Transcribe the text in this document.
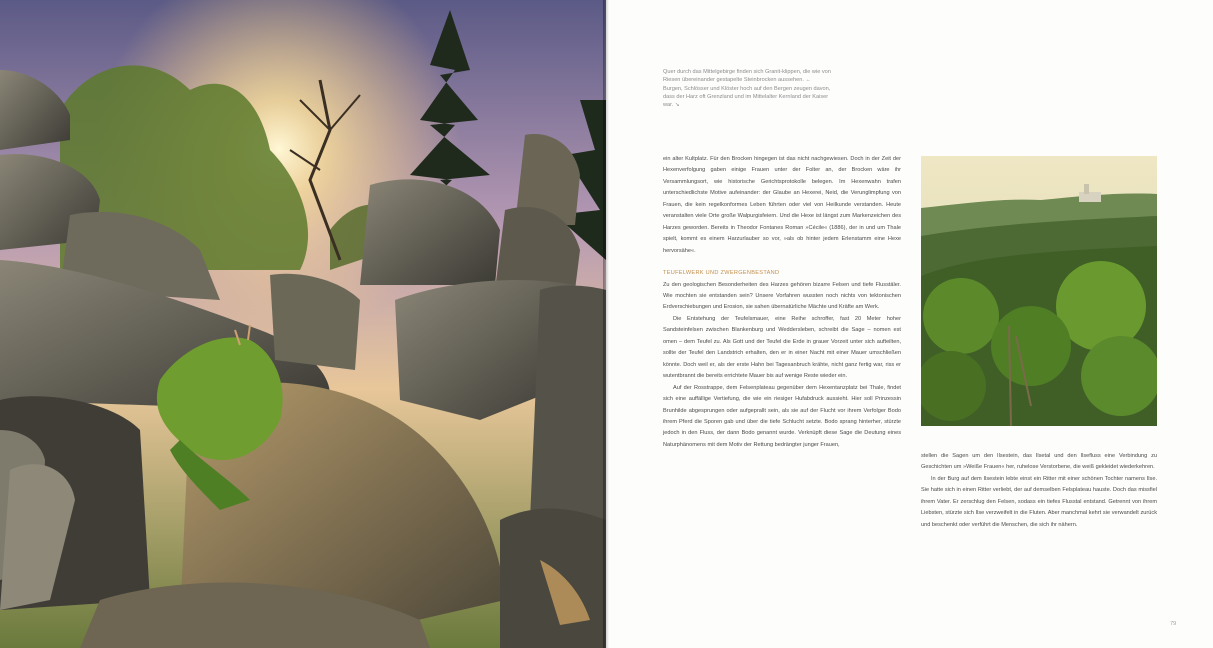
Quer durch das Mittelgebirge finden sich Granit-klippen, die wie von Riesen übereinander gestapelte Steinbrocken aussehen. ←

Burgen, Schlösser und Klöster hoch auf den Bergen zeugen davon, dass der Harz oft Grenzland und im Mittelalter Kernland der Kaiser war. ↘

ein alter Kultplatz. Für den Brocken hingegen ist das nicht nachgewiesen. Doch in der Zeit der Hexenverfolgung gaben einige Frauen unter der Folter an, der Brocken wäre ihr Versammlungsort, wie historische Gerichtsprotokolle belegen. Im Hexenwahn trafen unterschiedlichste Motive aufeinander: der Glaube an Hexerei, Neid, die Verunglimpfung von Frauen, die kein regelkonformes Leben führten oder viel von Heilkunde verstanden. Heute veranstalten viele Orte große Walpurgisfeiern. Und die Hexe ist längst zum Markenzeichen des Harzes geworden. Bereits in Theodor Fontanes Roman »Cécile« (1886), der in und um Thale spielt, kommt es einem Harzurlauber so vor, »als ob hinter jedem Erlenstamm eine Hexe hervorsähe«.

TEUFELWERK UND ZWERGENBESTAND

Zu den geologischen Besonderheiten des Harzes gehören bizarre Felsen und tiefe Flusstäler. Wie mochten sie entstanden sein? Unsere Vorfahren wussten noch nichts von tektonischen Erdverschiebungen und Erosion, sie sahen übernatürliche Mächte und Kräfte am Werk.

Die Entstehung der Teufelsmauer, eine Reihe schroffer, fast 20 Meter hoher Sandsteinfelsen zwischen Blankenburg und Weddersleben, schreibt die Sage – nomen est omen – dem Teufel zu. Als Gott und der Teufel die Erde in grauer Vorzeit unter sich aufteilten, sollte der Teufel den Landstrich erhalten, den er in einer Nacht mit einer Mauer umschließen könnte. Doch weil er, als der erste Hahn bei Tagesanbruch krähte, nicht ganz fertig war, riss er wutentbrannt die bereits errichtete Mauer bis auf wenige Reste wieder ein.

Auf der Rosstrappe, dem Felsenplateau gegenüber dem Hexentanzplatz bei Thale, findet sich eine auffällige Vertiefung, die wie ein riesiger Hufabdruck aussieht. Hier soll Prinzessin Brunhilde abgesprungen oder aufgeprallt sein, als sie auf der Flucht vor ihrem Verfolger Bodo ihrem Pferd die Sporen gab und über die tiefe Schlucht setzte. Bodo sprang hinterher, stürzte jedoch in den Fluss, der dann Bodo genannt wurde. Verknüpft diese Sage die Deutung eines Naturphänomens mit dem Motiv der Rettung bedrängter junger Frauen,

stellen die Sagen um den Ilsestein, das Ilsetal und den Ilsefluss eine Verbindung zu Geschichten um »Weiße Frauen« her, ruhelose Verstorbene, die weiß gekleidet wiederkehren.

In der Burg auf dem Ilsestein lebte einst ein Ritter mit einer schönen Tochter namens Ilse. Sie hatte sich in einen Ritter verliebt, der auf demselben Felsplateau hauste. Doch das missfiel ihrem Vater. Er zerschlug den Felsen, sodass ein tiefes Flusstal entstand. Getrennt von ihrem Liebsten, stürzte sich Ilse verzweifelt in die Fluten. Aber manchmal kehrt sie verwandelt zurück und beschenkt oder verführt die Menschen, die sich ihr nähern.

79
